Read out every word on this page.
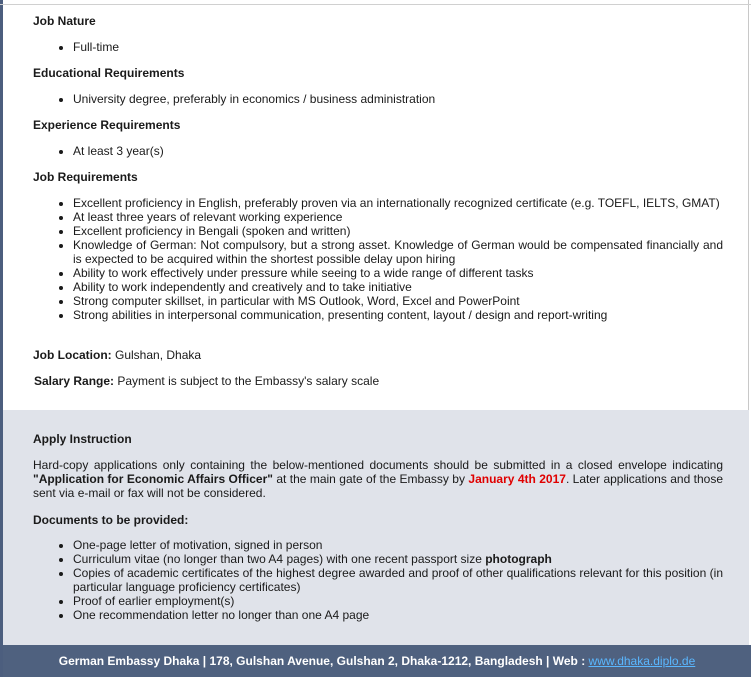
Job Nature
• Full-time
Educational Requirements
• University degree, preferably in economics / business administration
Experience Requirements
• At least 3 year(s)
Job Requirements
• Excellent proficiency in English, preferably proven via an internationally recognized certificate (e.g. TOEFL, IELTS, GMAT)
• At least three years of relevant working experience
• Excellent proficiency in Bengali (spoken and written)
• Knowledge of German: Not compulsory, but a strong asset. Knowledge of German would be compensated financially and is expected to be acquired within the shortest possible delay upon hiring
• Ability to work effectively under pressure while seeing to a wide range of different tasks
• Ability to work independently and creatively and to take initiative
• Strong computer skillset, in particular with MS Outlook, Word, Excel and PowerPoint
• Strong abilities in interpersonal communication, presenting content, layout / design and report-writing
Job Location: Gulshan, Dhaka
Salary Range: Payment is subject to the Embassy's salary scale
Apply Instruction
Hard-copy applications only containing the below-mentioned documents should be submitted in a closed envelope indicating "Application for Economic Affairs Officer" at the main gate of the Embassy by January 4th 2017. Later applications and those sent via e-mail or fax will not be considered.
Documents to be provided:
• One-page letter of motivation, signed in person
• Curriculum vitae (no longer than two A4 pages) with one recent passport size photograph
• Copies of academic certificates of the highest degree awarded and proof of other qualifications relevant for this position (in particular language proficiency certificates)
• Proof of earlier employment(s)
• One recommendation letter no longer than one A4 page
German Embassy Dhaka | 178, Gulshan Avenue, Gulshan 2, Dhaka-1212, Bangladesh | Web : www.dhaka.diplo.de
